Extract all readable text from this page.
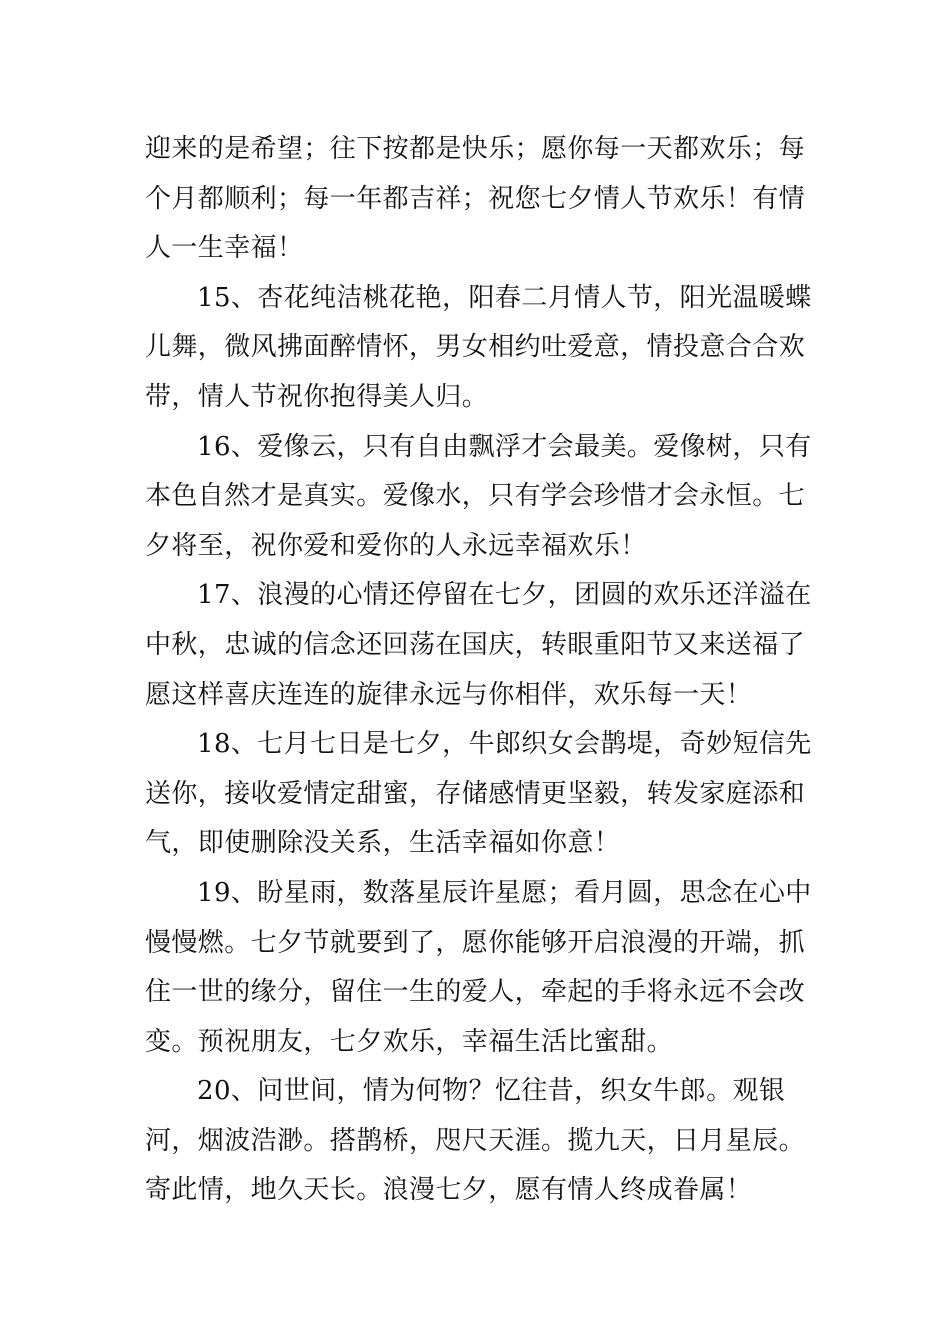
迎来的是希望；往下按都是快乐；愿你每一天都欢乐；每个月都顺利；每一年都吉祥；祝您七夕情人节欢乐！有情人一生幸福！

15、杏花纯洁桃花艳，阳春二月情人节，阳光温暖蝶儿舞，微风拂面醉情怀，男女相约吐爱意，情投意合合欢带，情人节祝你抱得美人归。

16、爱像云，只有自由飘浮才会最美。爱像树，只有本色自然才是真实。爱像水，只有学会珍惜才会永恒。七夕将至，祝你爱和爱你的人永远幸福欢乐！

17、浪漫的心情还停留在七夕，团圆的欢乐还洋溢在中秋，忠诚的信念还回荡在国庆，转眼重阳节又来送福了愿这样喜庆连连的旋律永远与你相伴，欢乐每一天！

18、七月七日是七夕，牛郎织女会鹊堤，奇妙短信先送你，接收爱情定甜蜜，存储感情更坚毅，转发家庭添和气，即使删除没关系，生活幸福如你意！

19、盼星雨，数落星辰许星愿；看月圆，思念在心中慢慢燃。七夕节就要到了，愿你能够开启浪漫的开端，抓住一世的缘分，留住一生的爱人，牵起的手将永远不会改变。预祝朋友，七夕欢乐，幸福生活比蜜甜。

20、问世间，情为何物？忆往昔，织女牛郎。观银河，烟波浩渺。搭鹊桥，咫尺天涯。揽九天，日月星辰。寄此情，地久天长。浪漫七夕，愿有情人终成眷属！
